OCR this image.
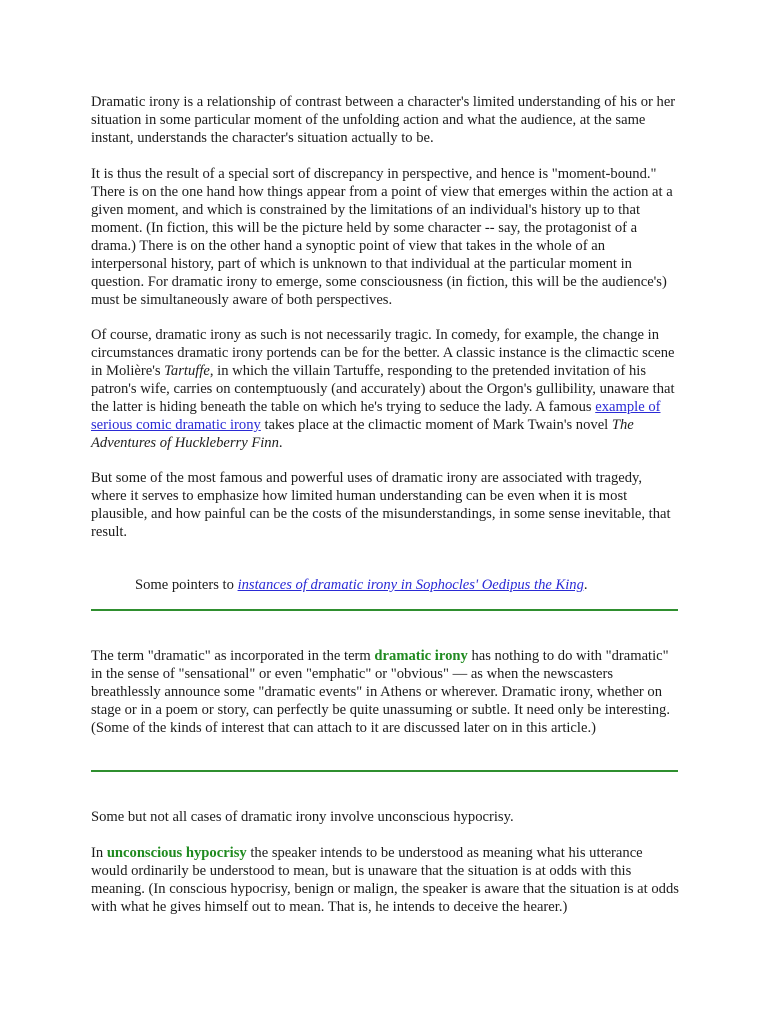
Dramatic irony is a relationship of contrast between a character's limited understanding of his or her situation in some particular moment of the unfolding action and what the audience, at the same instant, understands the character's situation actually to be.

It is thus the result of a special sort of discrepancy in perspective, and hence is "moment-bound." There is on the one hand how things appear from a point of view that emerges within the action at a given moment, and which is constrained by the limitations of an individual's history up to that moment. (In fiction, this will be the picture held by some character -- say, the protagonist of a drama.) There is on the other hand a synoptic point of view that takes in the whole of an interpersonal history, part of which is unknown to that individual at the particular moment in question. For dramatic irony to emerge, some consciousness (in fiction, this will be the audience's) must be simultaneously aware of both perspectives.

Of course, dramatic irony as such is not necessarily tragic. In comedy, for example, the change in circumstances dramatic irony portends can be for the better. A classic instance is the climactic scene in Molière's Tartuffe, in which the villain Tartuffe, responding to the pretended invitation of his patron's wife, carries on contemptuously (and accurately) about the Orgon's gullibility, unaware that the latter is hiding beneath the table on which he's trying to seduce the lady. A famous example of serious comic dramatic irony takes place at the climactic moment of Mark Twain's novel The Adventures of Huckleberry Finn.

But some of the most famous and powerful uses of dramatic irony are associated with tragedy, where it serves to emphasize how limited human understanding can be even when it is most plausible, and how painful can be the costs of the misunderstandings, in some sense inevitable, that result.

Some pointers to instances of dramatic irony in Sophocles' Oedipus the King.

The term "dramatic" as incorporated in the term dramatic irony has nothing to do with "dramatic" in the sense of "sensational" or even "emphatic" or "obvious" — as when the newscasters breathlessly announce some "dramatic events" in Athens or wherever. Dramatic irony, whether on stage or in a poem or story, can perfectly be quite unassuming or subtle. It need only be interesting. (Some of the kinds of interest that can attach to it are discussed later on in this article.)

Some but not all cases of dramatic irony involve unconscious hypocrisy.

In unconscious hypocrisy the speaker intends to be understood as meaning what his utterance would ordinarily be understood to mean, but is unaware that the situation is at odds with this meaning. (In conscious hypocrisy, benign or malign, the speaker is aware that the situation is at odds with what he gives himself out to mean. That is, he intends to deceive the hearer.)
